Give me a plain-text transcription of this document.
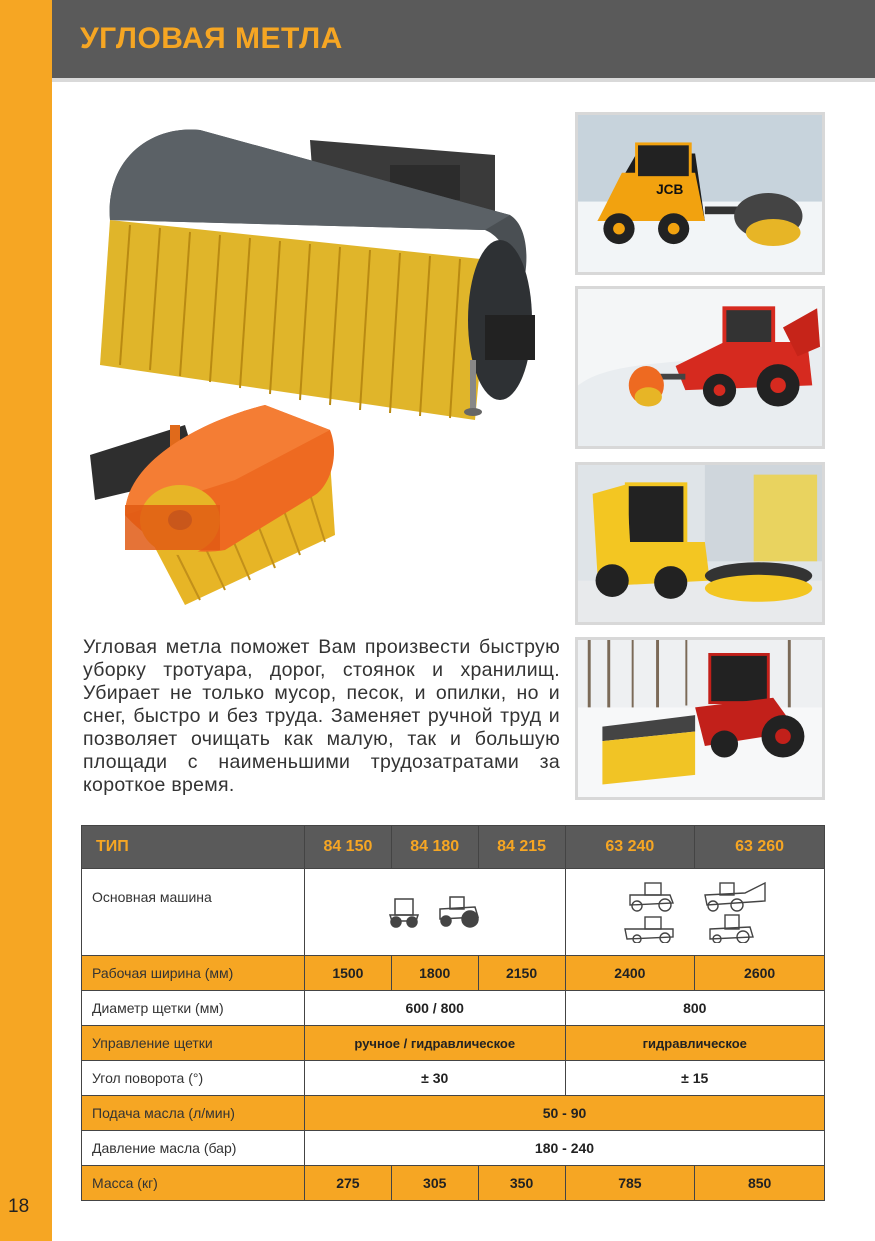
18
УГЛОВАЯ МЕТЛА
JCB
Угловая метла поможет Вам произвести быструю уборку тротуара, дорог, стоянок и хранилищ. Убирает не только мусор, песок, и опилки, но и снег, быстро и без труда. Заменяет ручной труд и позволяет очищать как малую, так и большую площади с наименьшими трудозатратами за короткое время.
ТИП	84 150	84 180	84 215	63 240	63 260

Основная машина

Рабочая ширина (мм)	1500	1800	2150	2400	2600
Диаметр щетки (мм)	600 / 800			800	
Управление щетки	ручное / гидравлическое			гидравлическое	
Угол поворота (°)	± 30			± 15	
Подача масла (л/мин)	50 - 90				
Давление масла (бар)	180 - 240				
Масса (кг)	275	305	350	785	850
